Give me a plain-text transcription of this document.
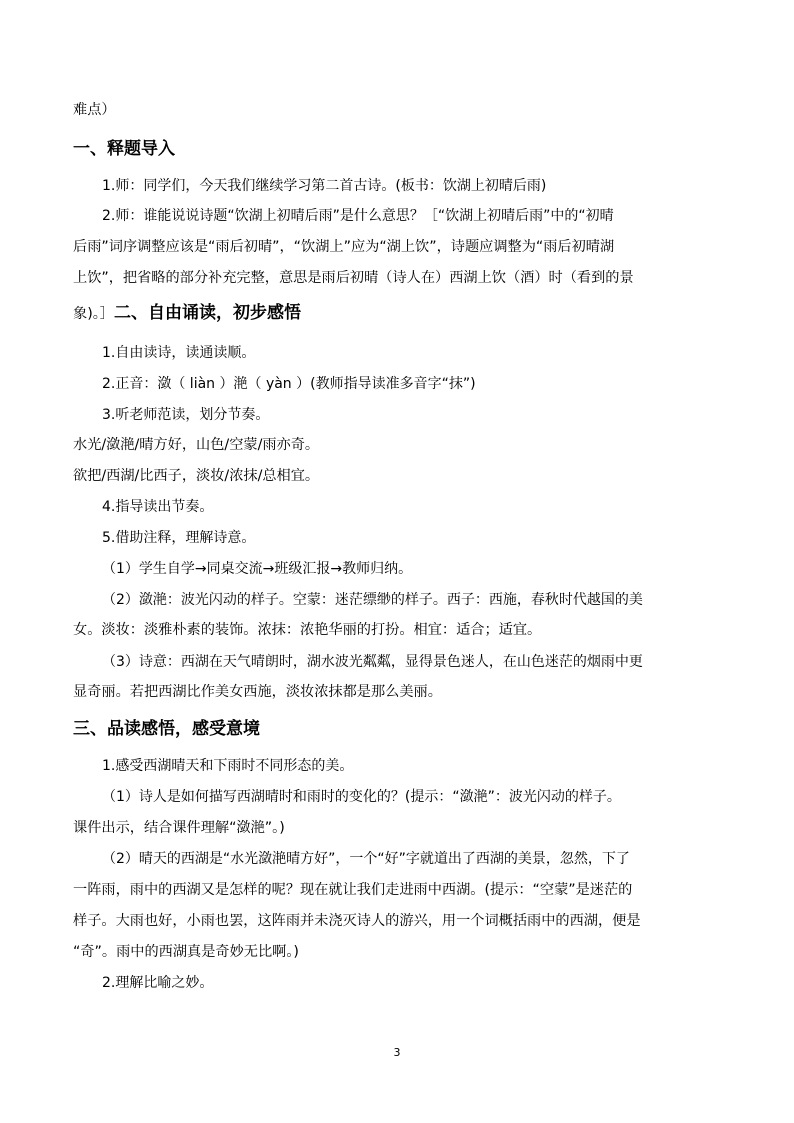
难点）
一、释题导入
1.师：同学们，今天我们继续学习第二首古诗。(板书：饮湖上初晴后雨)
2.师：谁能说说诗题“饮湖上初晴后雨”是什么意思？［“饮湖上初晴后雨”中的“初晴
后雨”词序调整应该是“雨后初晴”，“饮湖上”应为“湖上饮”，诗题应调整为“雨后初晴湖
上饮”，把省略的部分补充完整，意思是雨后初晴（诗人在）西湖上饮（酒）时（看到的景
象)。］二、自由诵读，初步感悟
1.自由读诗，读通读顺。
2.正音：潋（ liàn ）滟（ yàn ）(教师指导读准多音字“抹”)
3.听老师范读，划分节奏。
水光/潋滟/晴方好，山色/空蒙/雨亦奇。
欲把/西湖/比西子，淡妆/浓抹/总相宜。
4.指导读出节奏。
5.借助注释，理解诗意。
（1）学生自学→同桌交流→班级汇报→教师归纳。
（2）潋滟：波光闪动的样子。空蒙：迷茫缥缈的样子。西子：西施，春秋时代越国的美
女。淡妆：淡雅朴素的装饰。浓抹：浓艳华丽的打扮。相宜：适合；适宜。
（3）诗意：西湖在天气晴朗时，湖水波光粼粼，显得景色迷人，在山色迷茫的烟雨中更
显奇丽。若把西湖比作美女西施，淡妆浓抹都是那么美丽。
三、品读感悟，感受意境
1.感受西湖晴天和下雨时不同形态的美。
（1）诗人是如何描写西湖晴时和雨时的变化的？(提示：“潋滟”：波光闪动的样子。
课件出示，结合课件理解“潋滟”。)
（2）晴天的西湖是“水光潋滟晴方好”，一个“好”字就道出了西湖的美景，忽然，下了
一阵雨，雨中的西湖又是怎样的呢？现在就让我们走进雨中西湖。(提示：“空蒙”是迷茫的
样子。大雨也好，小雨也罢，这阵雨并未浇灭诗人的游兴，用一个词概括雨中的西湖，便是
“奇”。雨中的西湖真是奇妙无比啊。)
2.理解比喻之妙。
3
